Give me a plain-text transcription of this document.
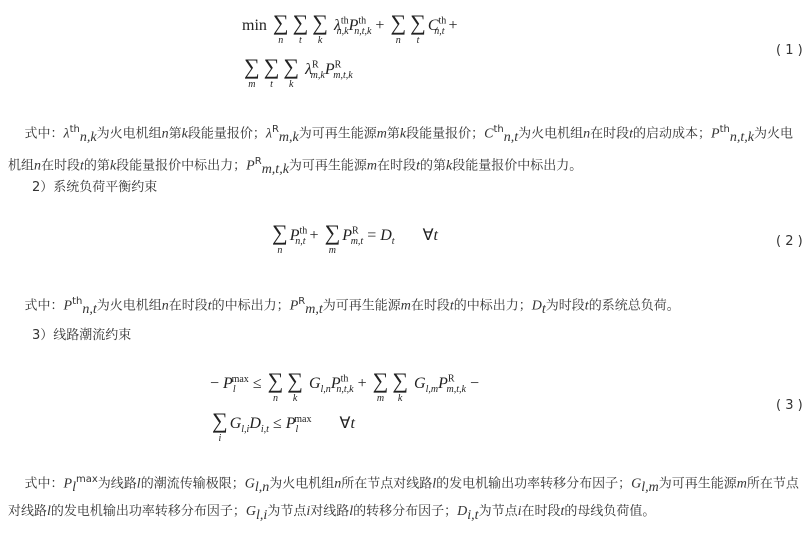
min ∑
n
∑
t
∑
k
$\lambda^{th}_{n,k}P^{th}_{n,t,k}$ + ∑
n
∑
t
$Cth_{n,t}$ +
∑
m
∑
t
∑
k
$\lambda^R_{m,k}P^R_{m,t,k}$
( 1 )
式中：$\lambda^{th}_{n,k}$为火电机组n第k段能量报价；$\lambda^R_{m,k}$为可再生能源m第k段能量报价；$Cth_{n,t}$为火电机组n在时段t的启动成本；$P^{th}_{n,t,k}$为火电机组n在时段t的第k段能量报价中标出力；$P^R_{m,t,k}$为可再生能源m在时段t的第k段能量报价中标出力。
2）系统负荷平衡约束
∑
n
$P^{th}_{n,t}$ + ∑
m
$P^R_{m,t} = D_t$       ∀t	( 2 )
式中：$P^{th}_{n,t}$为火电机组n在时段t的中标出力；$P^R_{m,t}$为可再生能源m在时段t的中标出力；$D_t$为时段t的系统总负荷。
3）线路潮流约束
− $P_l^{max}$ ≤ ∑
n
∑
k
$G_{l,n}P^{th}_{n,t,k}$ + ∑
m
∑
k
$G_{l,m}P^R_{m,t,k}$ −
∑
i
$G_{l,i}D_{i,t} \le P_l^{max}$       ∀t
( 3 )
式中：$P_l^{max}$为线路l的潮流传输极限；$G_{l,n}$为火电机组n所在节点对线路l的发电机输出功率转移分布因子；$G_{l,m}$为可再生能源m所在节点对线路l的发电机输出功率转移分布因子；$G_{l,i}$为节点i对线路l的转移分布因子；$D_{i,t}$为节点i在时段t的母线负荷值。
